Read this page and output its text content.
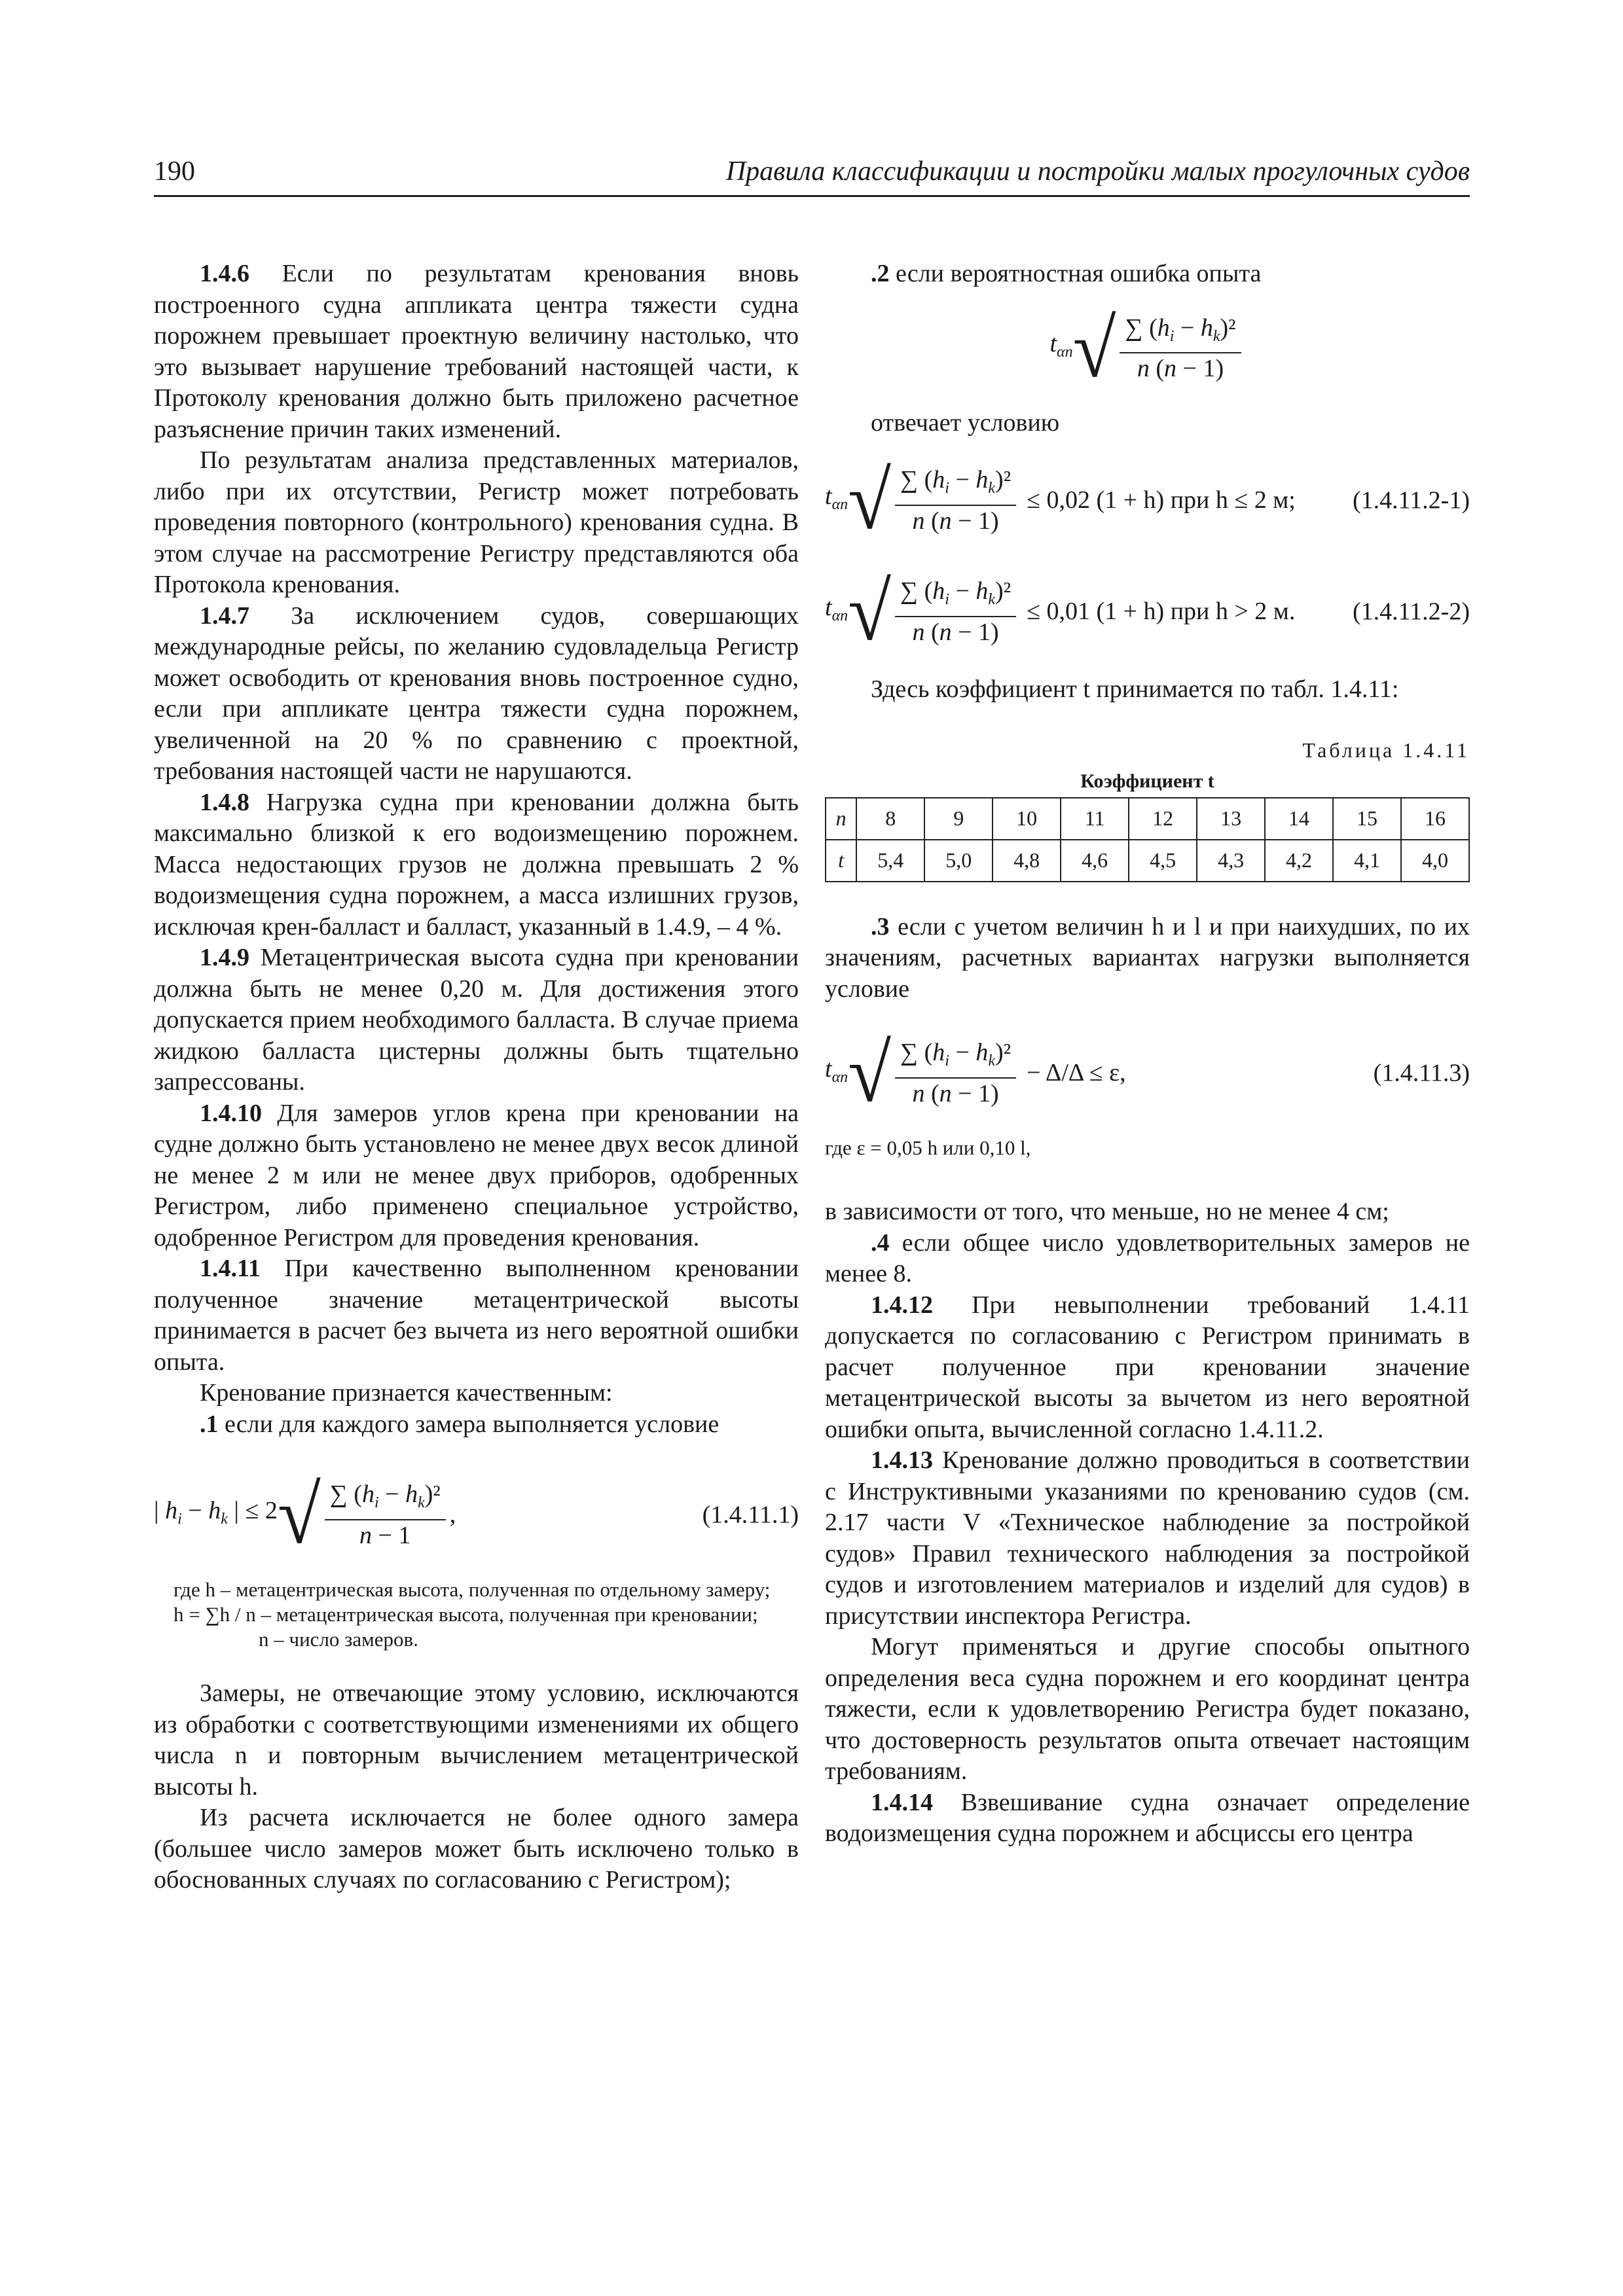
190	Правила классификации и постройки малых прогулочных судов

1.4.6 Если по результатам кренования вновь построенного судна аппликата центра тяжести судна порожнем превышает проектную величину настолько, что это вызывает нарушение требований настоящей части, к Протоколу кренования должно быть приложено расчетное разъяснение причин таких изменений.

По результатам анализа представленных материалов, либо при их отсутствии, Регистр может потребовать проведения повторного (контрольного) кренования судна. В этом случае на рассмотрение Регистру представляются оба Протокола кренования.

1.4.7 За исключением судов, совершающих международные рейсы, по желанию судовладельца Регистр может освободить от кренования вновь построенное судно, если при аппликате центра тяжести судна порожнем, увеличенной на 20 % по сравнению с проектной, требования настоящей части не нарушаются.

1.4.8 Нагрузка судна при креновании должна быть максимально близкой к его водоизмещению порожнем. Масса недостающих грузов не должна превышать 2 % водоизмещения судна порожнем, а масса излишних грузов, исключая крен-балласт и балласт, указанный в 1.4.9, – 4 %.

1.4.9 Метацентрическая высота судна при креновании должна быть не менее 0,20 м. Для достижения этого допускается прием необходимого балласта. В случае приема жидкою балласта цистерны должны быть тщательно запрессованы.

1.4.10 Для замеров углов крена при креновании на судне должно быть установлено не менее двух весок длиной не менее 2 м или не менее двух приборов, одобренных Регистром, либо применено специальное устройство, одобренное Регистром для проведения кренования.

1.4.11 При качественно выполненном креновании полученное значение метацентрической высоты принимается в расчет без вычета из него вероятной ошибки опыта.

Кренование признается качественным:

.1 если для каждого замера выполняется условие

| $h_i - h_k$ | ≤ 2 √ $\frac{\sum (h_i - h_k)^2}{n - 1}$ ,	(1.4.11.1)
где h – метацентрическая высота, полученная по отдельному замеру;
h = ∑h / n – метацентрическая высота, полученная при креновании;
n – число замеров.

Замеры, не отвечающие этому условию, исключаются из обработки с соответствующими изменениями их общего числа n и повторным вычислением метацентрической высоты h.

Из расчета исключается не более одного замера (большее число замеров может быть исключено только в обоснованных случаях по согласованию с Регистром);

.2 если вероятностная ошибка опыта

$t_{\alpha n}$ √ $\frac{\sum (h_i - h_k)^2}{n (n - 1)}$

отвечает условию

$t_{\alpha n}$ √ $\frac{\sum (h_i - h_k)^2}{n (n - 1)} \le 0,02$ (1 + h) при h ≤ 2 м; (1.4.11.2-1)
$t_{\alpha n}$ √ $\frac{\sum (h_i - h_k)^2}{n (n - 1)} \le 0,01$ (1 + h) при h > 2 м. (1.4.11.2-2)

Здесь коэффициент t принимается по табл. 1.4.11:

Таблица 1.4.11
Коэффициент t
n	8	9	10	11	12	13	14	15	16
t	5,4	5,0	4,8	4,6	4,5	4,3	4,2	4,1	4,0

.3 если с учетом величин h и l и при наихудших, по их значениям, расчетных вариантах нагрузки выполняется условие

$t_{\alpha n}$ √ $\frac{\sum (h_i - h_k)^2}{n (n - 1)} - \Delta/\Delta \le \varepsilon$,	(1.4.11.3)
где ε = 0,05 h или 0,10 l,

в зависимости от того, что меньше, но не менее 4 см;

.4 если общее число удовлетворительных замеров не менее 8.

1.4.12 При невыполнении требований 1.4.11 допускается по согласованию с Регистром принимать в расчет полученное при креновании значение метацентрической высоты за вычетом из него вероятной ошибки опыта, вычисленной согласно 1.4.11.2.

1.4.13 Кренование должно проводиться в соответствии с Инструктивными указаниями по кренованию судов (см. 2.17 части V «Техническое наблюдение за постройкой судов» Правил технического наблюдения за постройкой судов и изготовлением материалов и изделий для судов) в присутствии инспектора Регистра.

Могут применяться и другие способы опытного определения веса судна порожнем и его координат центра тяжести, если к удовлетворению Регистра будет показано, что достоверность результатов опыта отвечает настоящим требованиям.

1.4.14 Взвешивание судна означает определение водоизмещения судна порожнем и абсциссы его центра
